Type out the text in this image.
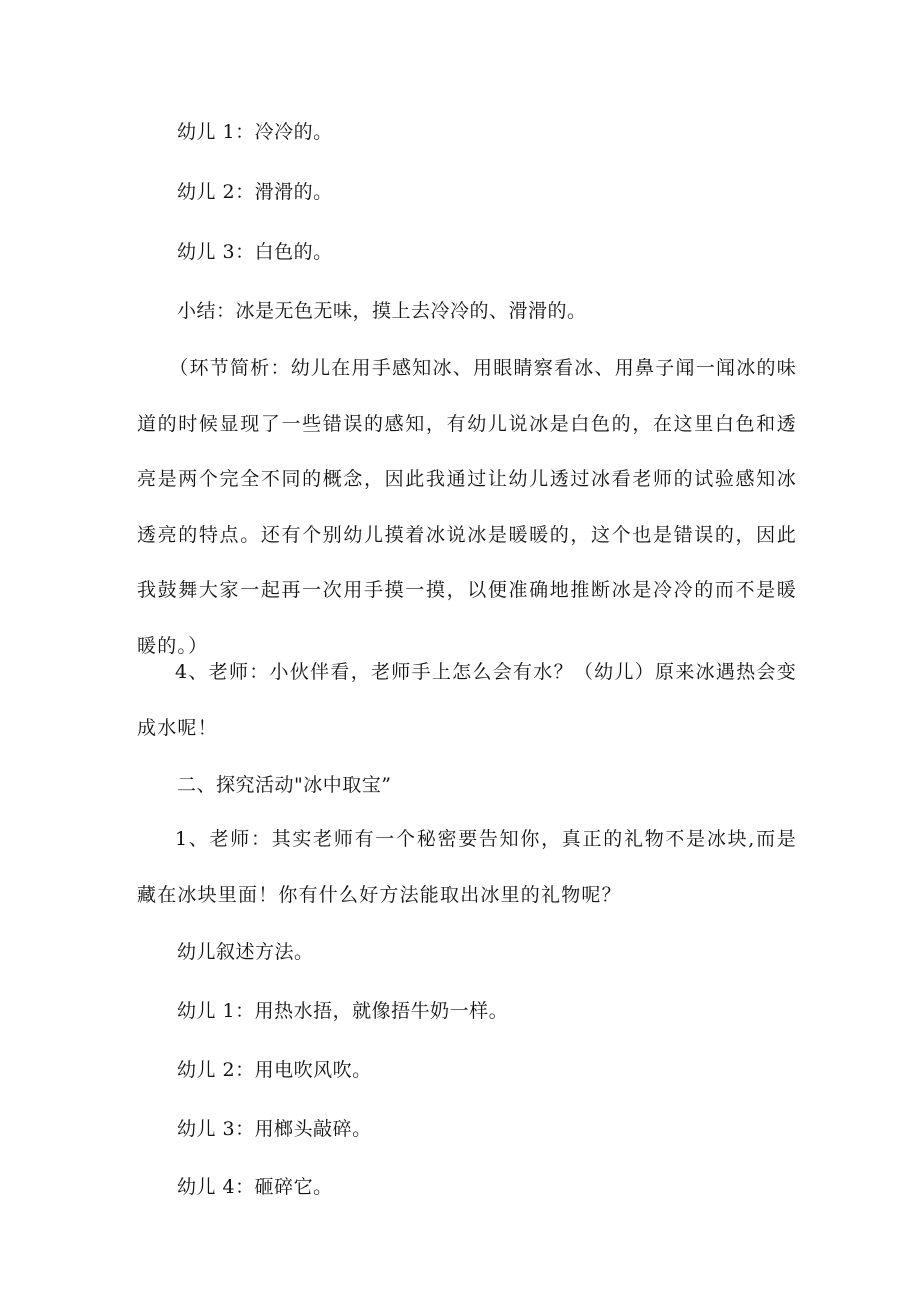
幼儿 1：冷冷的。
幼儿 2：滑滑的。
幼儿 3：白色的。
小结：冰是无色无味，摸上去冷冷的、滑滑的。
（环节简析：幼儿在用手感知冰、用眼睛察看冰、用鼻子闻一闻冰的味道的时候显现了一些错误的感知，有幼儿说冰是白色的，在这里白色和透亮是两个完全不同的概念，因此我通过让幼儿透过冰看老师的试验感知冰透亮的特点。还有个别幼儿摸着冰说冰是暖暖的，这个也是错误的，因此我鼓舞大家一起再一次用手摸一摸，以便准确地推断冰是冷冷的而不是暖暖的。）
4、老师：小伙伴看，老师手上怎么会有水？（幼儿）原来冰遇热会变成水呢！
二、探究活动"冰中取宝”
1、老师：其实老师有一个秘密要告知你，真正的礼物不是冰块,而是藏在冰块里面！你有什么好方法能取出冰里的礼物呢？
幼儿叙述方法。
幼儿 1：用热水捂，就像捂牛奶一样。
幼儿 2：用电吹风吹。
幼儿 3：用榔头敲碎。
幼儿 4：砸碎它。
